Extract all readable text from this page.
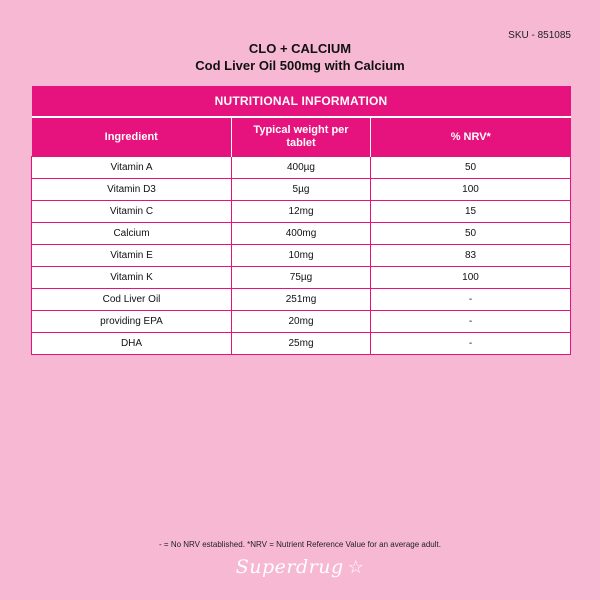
SKU - 851085
CLO + CALCIUM
Cod Liver Oil 500mg with Calcium
NUTRITIONAL INFORMATION		
Ingredient	Typical weight per tablet	% NRV*
Vitamin A	400µg	50
Vitamin D3	5µg	100
Vitamin C	12mg	15
Calcium	400mg	50
Vitamin E	10mg	83
Vitamin K	75µg	100
Cod Liver Oil	251mg	-
providing EPA	20mg	-
DHA	25mg	-
- = No NRV established. *NRV = Nutrient Reference Value for an average adult.
Superdrug ☆
